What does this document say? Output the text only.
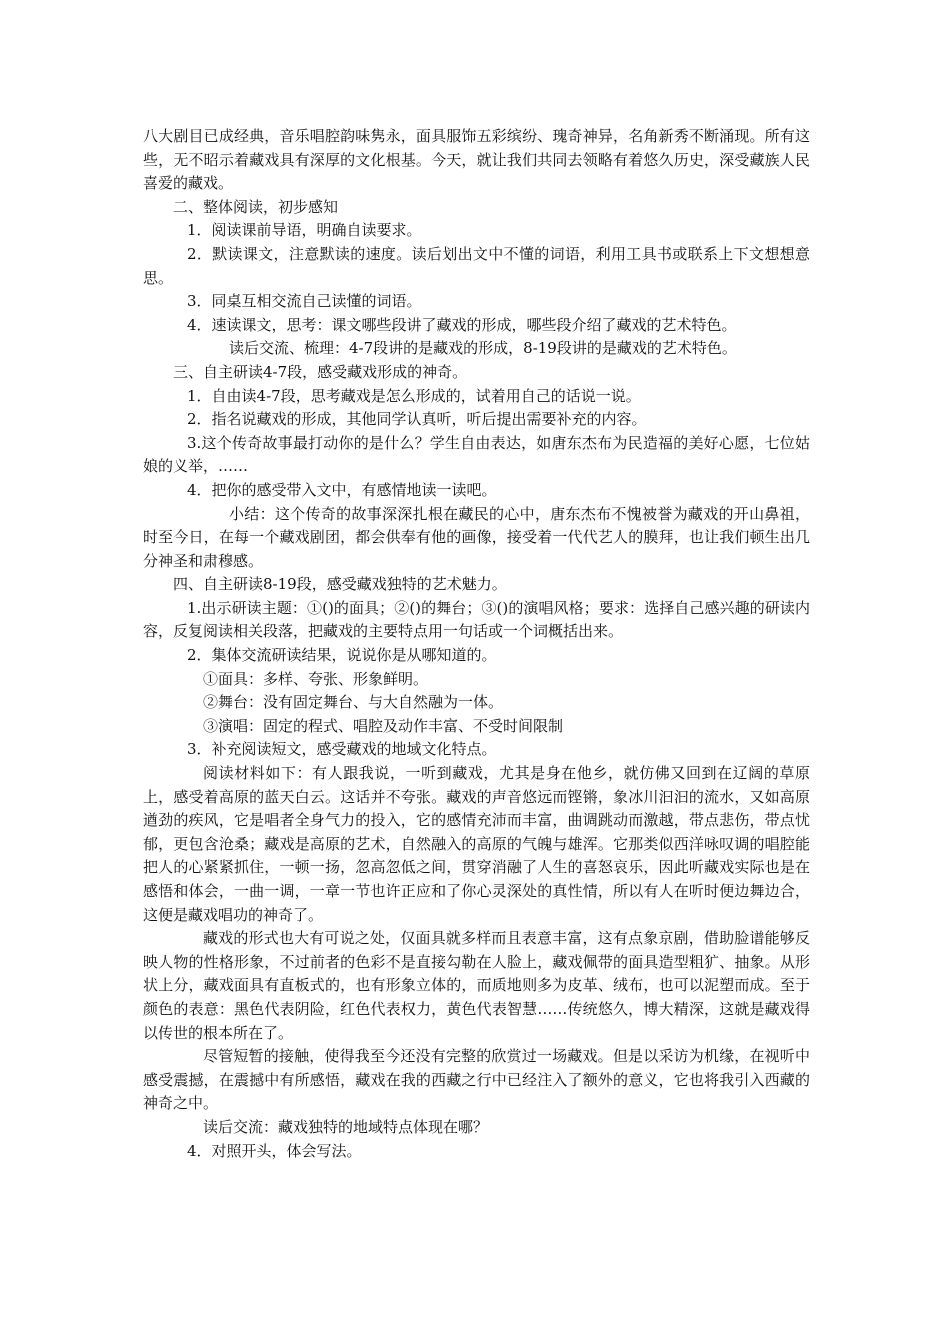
八大剧目已成经典，音乐唱腔韵味隽永，面具服饰五彩缤纷、瑰奇神异，名角新秀不断涌现。所有这些，无不昭示着藏戏具有深厚的文化根基。今天，就让我们共同去领略有着悠久历史，深受藏族人民喜爱的藏戏。

二、整体阅读，初步感知

1．阅读课前导语，明确自读要求。

2．默读课文，注意默读的速度。读后划出文中不懂的词语，利用工具书或联系上下文想想意思。

3．同桌互相交流自己读懂的词语。

4．速读课文，思考：课文哪些段讲了藏戏的形成，哪些段介绍了藏戏的艺术特色。

读后交流、梳理：4-7段讲的是藏戏的形成，8-19段讲的是藏戏的艺术特色。

三、自主研读4-7段，感受藏戏形成的神奇。

1．自由读4-7段，思考藏戏是怎么形成的，试着用自己的话说一说。

2．指名说藏戏的形成，其他同学认真听，听后提出需要补充的内容。

3.这个传奇故事最打动你的是什么？学生自由表达，如唐东杰布为民造福的美好心愿，七位姑娘的义举，……

4．把你的感受带入文中，有感情地读一读吧。

小结：这个传奇的故事深深扎根在藏民的心中，唐东杰布不愧被誉为藏戏的开山鼻祖，时至今日，在每一个藏戏剧团，都会供奉有他的画像，接受着一代代艺人的膜拜，也让我们顿生出几分神圣和肃穆感。

四、自主研读8-19段，感受藏戏独特的艺术魅力。

1.出示研读主题：①()的面具；②()的舞台；③()的演唱风格；要求：选择自己感兴趣的研读内容，反复阅读相关段落，把藏戏的主要特点用一句话或一个词概括出来。

2．集体交流研读结果，说说你是从哪知道的。

①面具：多样、夸张、形象鲜明。

②舞台：没有固定舞台、与大自然融为一体。

③演唱：固定的程式、唱腔及动作丰富、不受时间限制

3．补充阅读短文，感受藏戏的地域文化特点。

阅读材料如下：有人跟我说，一听到藏戏，尤其是身在他乡，就仿佛又回到在辽阔的草原上，感受着高原的蓝天白云。这话并不夸张。藏戏的声音悠远而铿锵，象冰川汩汩的流水，又如高原遒劲的疾风，它是唱者全身气力的投入，它的感情充沛而丰富，曲调跳动而激越，带点悲伤，带点忧郁，更包含沧桑；藏戏是高原的艺术，自然融入的高原的气魄与雄浑。它那类似西洋咏叹调的唱腔能把人的心紧紧抓住，一顿一扬，忽高忽低之间，贯穿消融了人生的喜怒哀乐，因此听藏戏实际也是在感悟和体会，一曲一调，一章一节也许正应和了你心灵深处的真性情，所以有人在听时便边舞边合，这便是藏戏唱功的神奇了。

藏戏的形式也大有可说之处，仅面具就多样而且表意丰富，这有点象京剧，借助脸谱能够反映人物的性格形象，不过前者的色彩不是直接勾勒在人脸上，藏戏佩带的面具造型粗犷、抽象。从形状上分，藏戏面具有直板式的，也有形象立体的，而质地则多为皮革、绒布，也可以泥塑而成。至于颜色的表意：黑色代表阴险，红色代表权力，黄色代表智慧……传统悠久，博大精深，这就是藏戏得以传世的根本所在了。

尽管短暂的接触，使得我至今还没有完整的欣赏过一场藏戏。但是以采访为机缘，在视听中感受震撼，在震撼中有所感悟，藏戏在我的西藏之行中已经注入了额外的意义，它也将我引入西藏的神奇之中。

读后交流：藏戏独特的地域特点体现在哪？

4．对照开头，体会写法。
